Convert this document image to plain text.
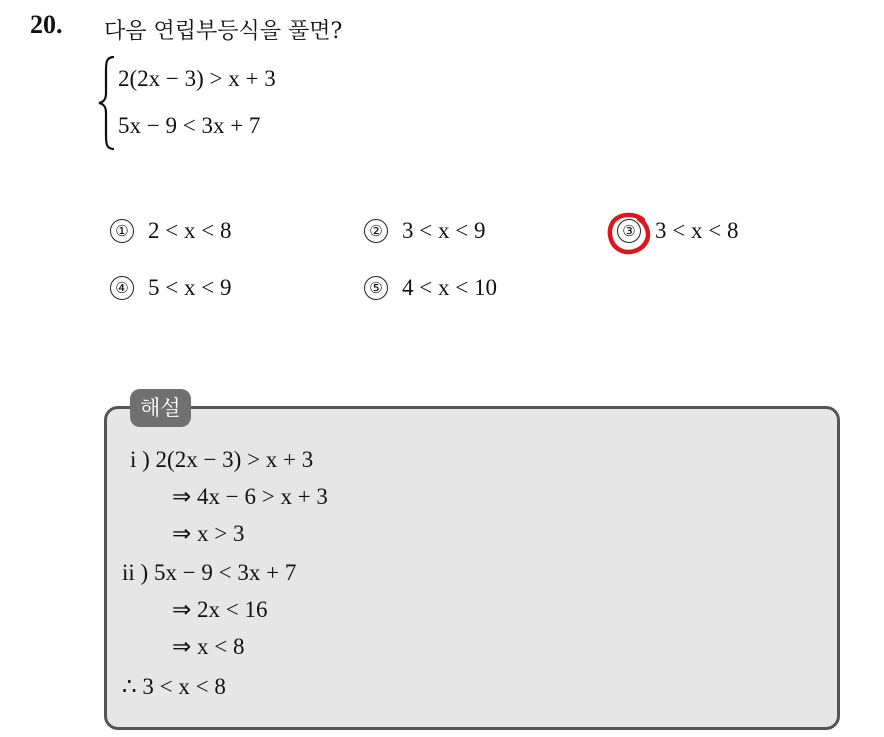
20. 다음 연립부등식을 풀면?
2(2x − 3) > x + 3
5x − 9 < 3x + 7
① 2 < x < 8	② 3 < x < 9	③ 3 < x < 8
④ 5 < x < 9	⑤ 4 < x < 10
해설
i ) 2(2x − 3) > x + 3
⇒ 4x − 6 > x + 3
⇒ x > 3
ii ) 5x − 9 < 3x + 7
⇒ 2x < 16
⇒ x < 8
∴ 3 < x < 8
